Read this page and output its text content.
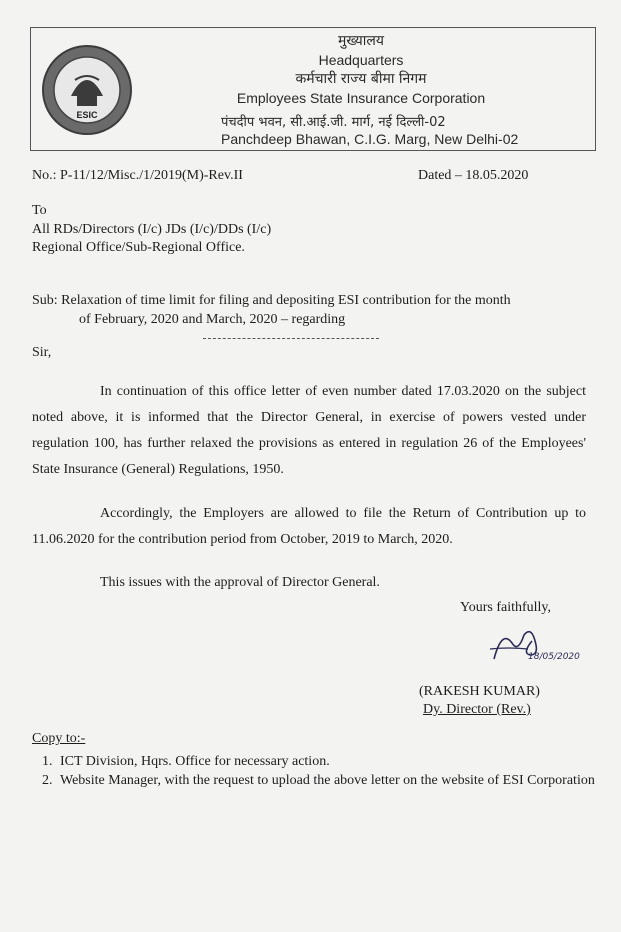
ESIC
मुख्यालय
Headquarters
कर्मचारी राज्य बीमा निगम
Employees State Insurance Corporation
पंचदीप भवन, सी.आई.जी. मार्ग, नई दिल्ली-02
Panchdeep Bhawan, C.I.G. Marg, New Delhi-02
No.: P-11/12/Misc./1/2019(M)-Rev.II	Dated – 18.05.2020
To
All RDs/Directors (I/c) JDs (I/c)/DDs (I/c)
Regional Office/Sub-Regional Office.
Sub: Relaxation of time limit for filing and depositing ESI contribution for the month
of February, 2020 and March, 2020 – regarding
Sir,
In continuation of this office letter of even number dated 17.03.2020 on the subject noted above, it is informed that the Director General, in exercise of powers vested under regulation 100, has further relaxed the provisions as entered in regulation 26 of the Employees' State Insurance (General) Regulations, 1950.
Accordingly, the Employers are allowed to file the Return of Contribution up to 11.06.2020 for the contribution period from October, 2019 to March, 2020.
This issues with the approval of Director General.
Yours faithfully,
18/05/2020
(RAKESH KUMAR)
Dy. Director (Rev.)
Copy to:-
1. ICT Division, Hqrs. Office for necessary action.
2. Website Manager, with the request to upload the above letter on the website of ESI Corporation
